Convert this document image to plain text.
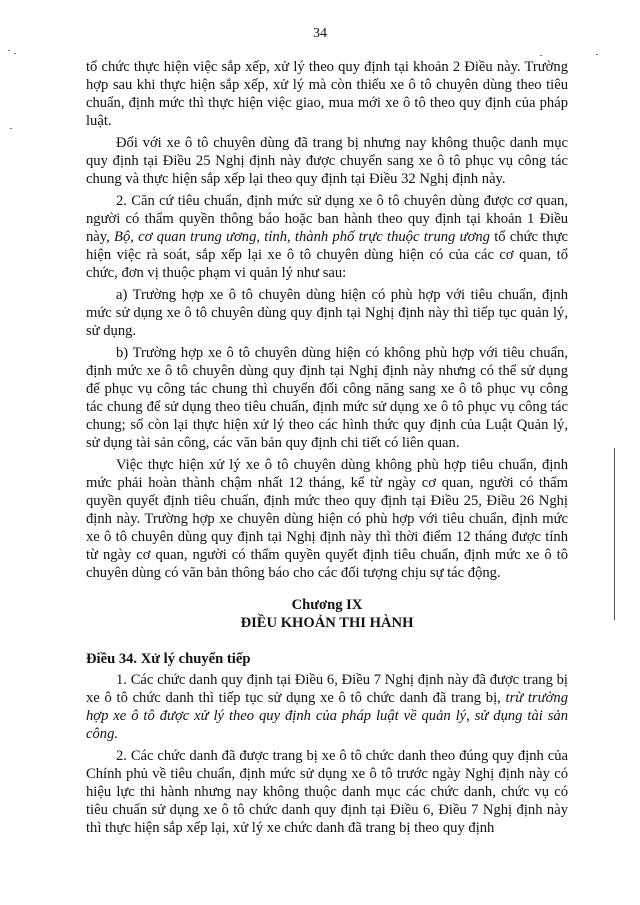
34

tổ chức thực hiện việc sắp xếp, xử lý theo quy định tại khoản 2 Điều này. Trường hợp sau khi thực hiện sắp xếp, xử lý mà còn thiếu xe ô tô chuyên dùng theo tiêu chuẩn, định mức thì thực hiện việc giao, mua mới xe ô tô theo quy định của pháp luật.

Đối với xe ô tô chuyên dùng đã trang bị nhưng nay không thuộc danh mục quy định tại Điều 25 Nghị định này được chuyển sang xe ô tô phục vụ công tác chung và thực hiện sắp xếp lại theo quy định tại Điều 32 Nghị định này.

2. Căn cứ tiêu chuẩn, định mức sử dụng xe ô tô chuyên dùng được cơ quan, người có thẩm quyền thông báo hoặc ban hành theo quy định tại khoản 1 Điều này, Bộ, cơ quan trung ương, tỉnh, thành phố trực thuộc trung ương tổ chức thực hiện việc rà soát, sắp xếp lại xe ô tô chuyên dùng hiện có của các cơ quan, tổ chức, đơn vị thuộc phạm vi quản lý như sau:

a) Trường hợp xe ô tô chuyên dùng hiện có phù hợp với tiêu chuẩn, định mức sử dụng xe ô tô chuyên dùng quy định tại Nghị định này thì tiếp tục quản lý, sử dụng.

b) Trường hợp xe ô tô chuyên dùng hiện có không phù hợp với tiêu chuẩn, định mức xe ô tô chuyên dùng quy định tại Nghị định này nhưng có thể sử dụng để phục vụ công tác chung thì chuyển đổi công năng sang xe ô tô phục vụ công tác chung để sử dụng theo tiêu chuẩn, định mức sử dụng xe ô tô phục vụ công tác chung; số còn lại thực hiện xử lý theo các hình thức quy định của Luật Quản lý, sử dụng tài sản công, các văn bản quy định chi tiết có liên quan.

Việc thực hiện xử lý xe ô tô chuyên dùng không phù hợp tiêu chuẩn, định mức phải hoàn thành chậm nhất 12 tháng, kể từ ngày cơ quan, người có thẩm quyền quyết định tiêu chuẩn, định mức theo quy định tại Điều 25, Điều 26 Nghị định này. Trường hợp xe chuyên dùng hiện có phù hợp với tiêu chuẩn, định mức xe ô tô chuyên dùng quy định tại Nghị định này thì thời điểm 12 tháng được tính từ ngày cơ quan, người có thẩm quyền quyết định tiêu chuẩn, định mức xe ô tô chuyên dùng có văn bản thông báo cho các đối tượng chịu sự tác động.

Chương IX

ĐIỀU KHOẢN THI HÀNH

Điều 34. Xử lý chuyển tiếp

1. Các chức danh quy định tại Điều 6, Điều 7 Nghị định này đã được trang bị xe ô tô chức danh thì tiếp tục sử dụng xe ô tô chức danh đã trang bị, trừ trường hợp xe ô tô được xử lý theo quy định của pháp luật về quản lý, sử dụng tài sản công.

2. Các chức danh đã được trang bị xe ô tô chức danh theo đúng quy định của Chính phủ về tiêu chuẩn, định mức sử dụng xe ô tô trước ngày Nghị định này có hiệu lực thi hành nhưng nay không thuộc danh mục các chức danh, chức vụ có tiêu chuẩn sử dụng xe ô tô chức danh quy định tại Điều 6, Điều 7 Nghị định này thì thực hiện sắp xếp lại, xử lý xe chức danh đã trang bị theo quy định
